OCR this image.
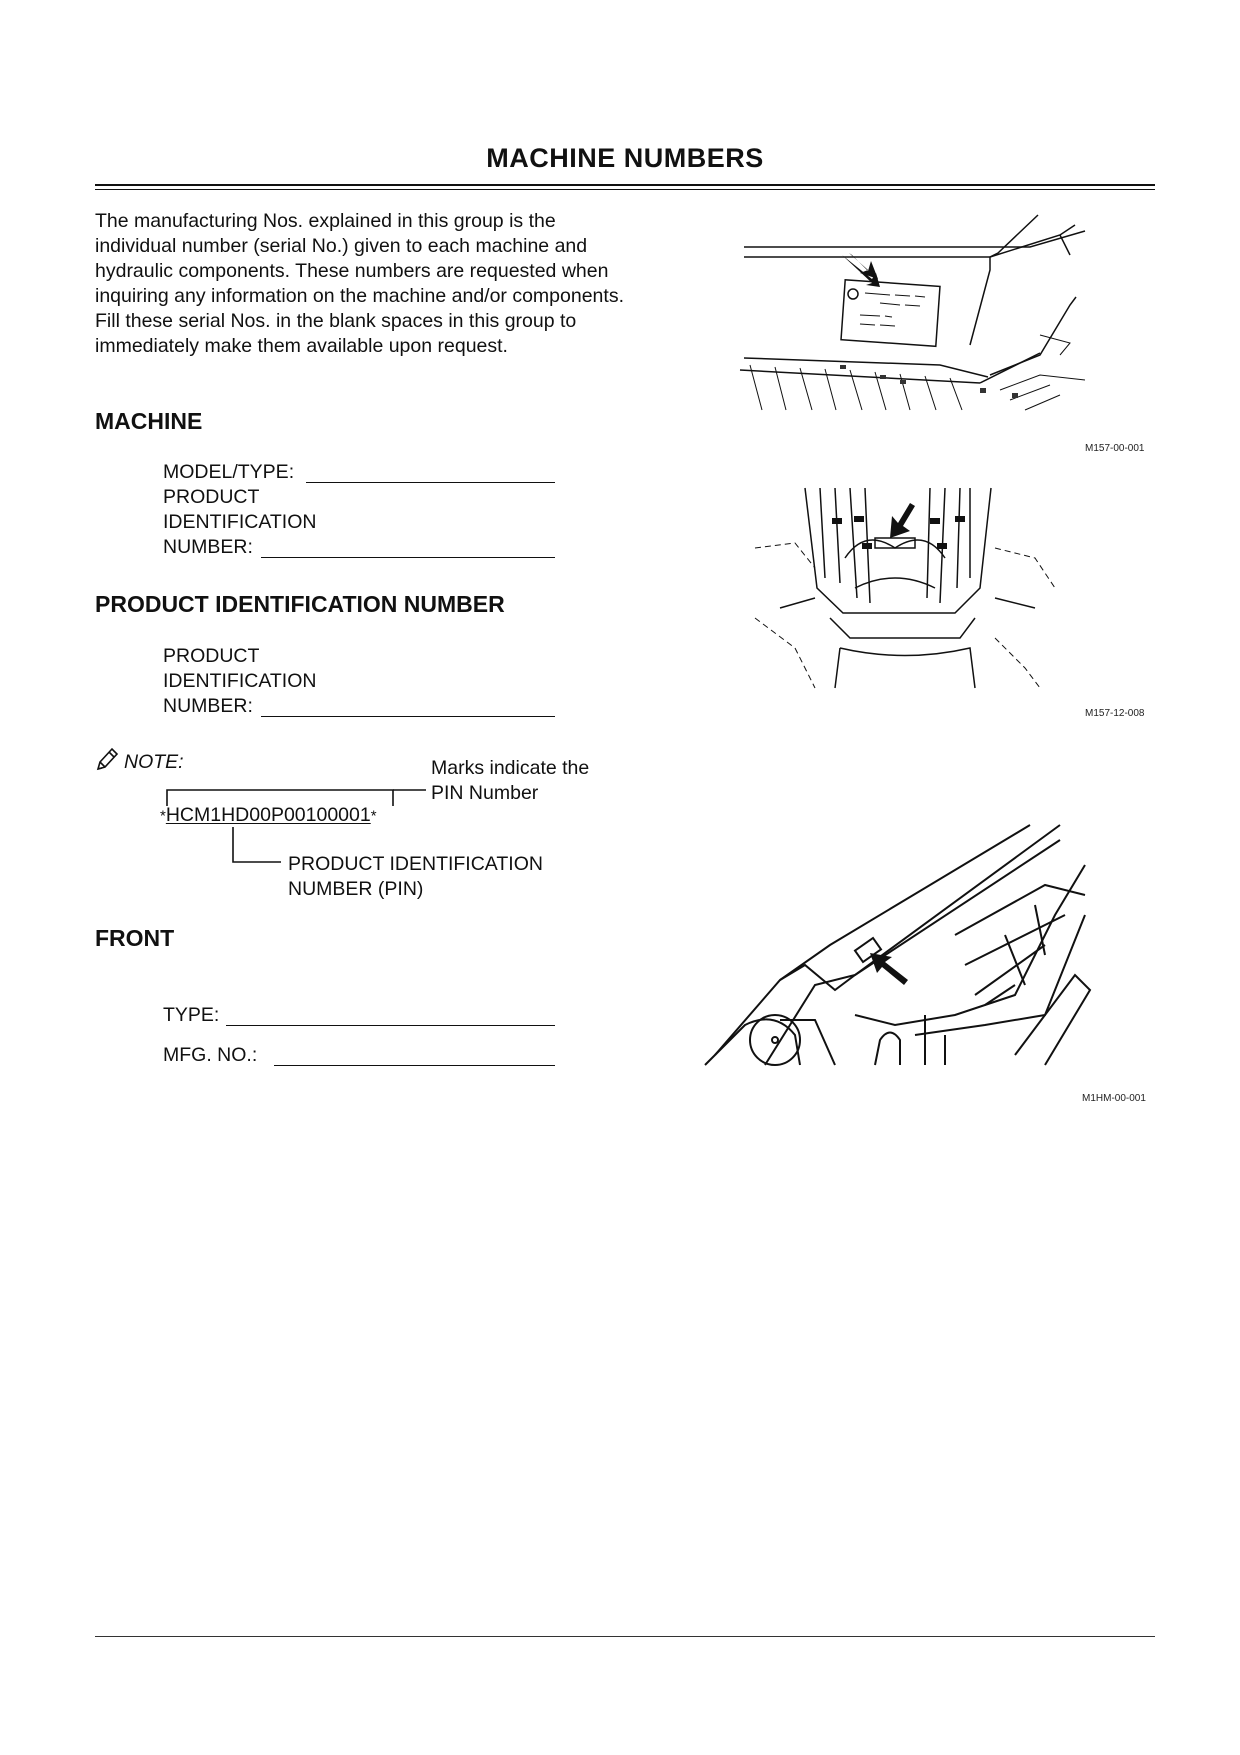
MACHINE NUMBERS
The manufacturing Nos. explained in this group is the individual number (serial No.) given to each machine and hydraulic components. These numbers are requested when inquiring any information on the machine and/or components. Fill these serial Nos. in the blank spaces in this group to immediately make them available upon request.
MACHINE
MODEL/TYPE:
PRODUCT
IDENTIFICATION
NUMBER:
PRODUCT IDENTIFICATION NUMBER
PRODUCT
IDENTIFICATION
NUMBER:
NOTE:	Marks indicate the
PIN Number
*HCM1HD00P00100001*
PRODUCT IDENTIFICATION
NUMBER (PIN)
FRONT
TYPE:
MFG. NO.:
M157-00-001
M157-12-008
M1HM-00-001
